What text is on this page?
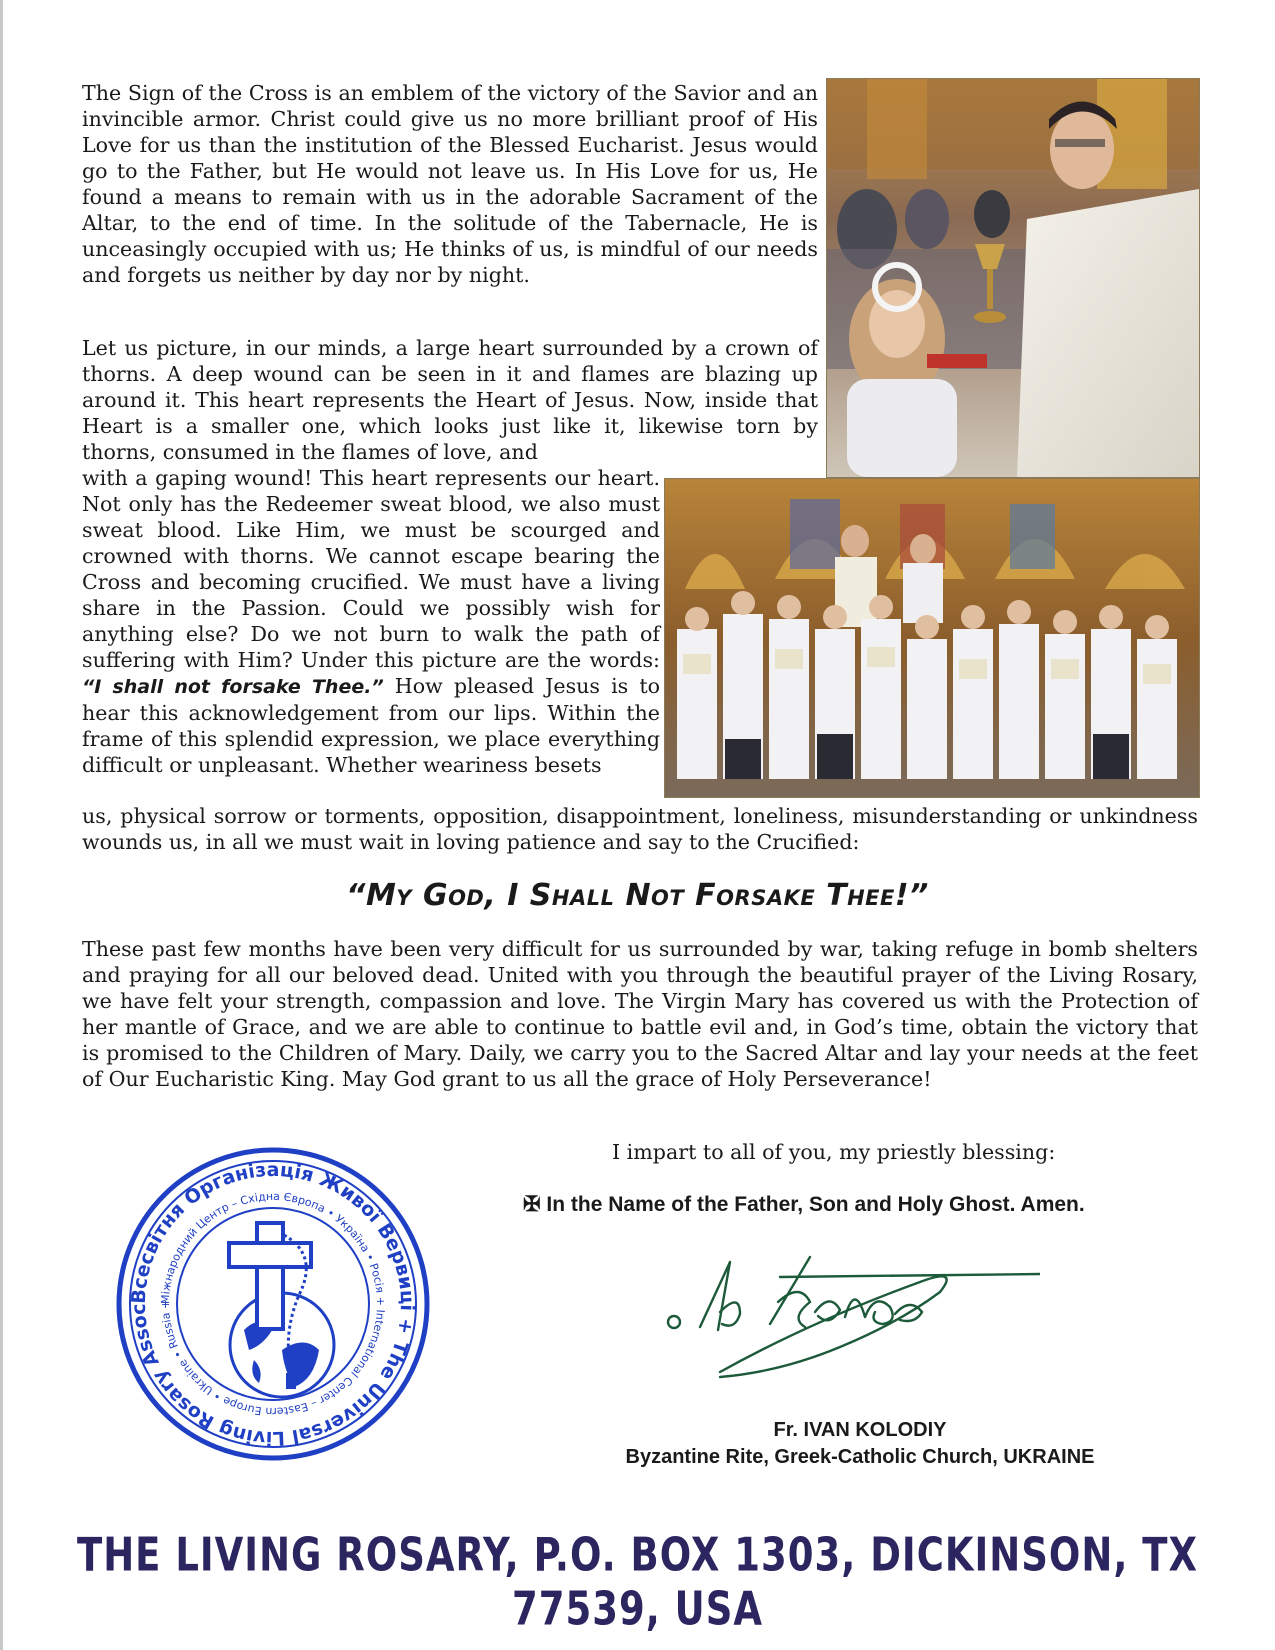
The Sign of the Cross is an emblem of the victory of the Savior and an invincible armor. Christ could give us no more brilliant proof of His Love for us than the institution of the Blessed Eucharist. Jesus would go to the Father, but He would not leave us. In His Love for us, He found a means to remain with us in the adorable Sacrament of the Altar, to the end of time. In the solitude of the Tabernacle, He is unceasingly occupied with us; He thinks of us, is mindful of our needs and forgets us neither by day nor by night.

Let us picture, in our minds, a large heart surrounded by a crown of thorns. A deep wound can be seen in it and flames are blazing up around it. This heart represents the Heart of Jesus. Now, inside that Heart is a smaller one, which looks just like it, likewise torn by thorns, consumed in the flames of love, and

with a gaping wound! This heart represents our heart. Not only has the Redeemer sweat blood, we also must sweat blood. Like Him, we must be scourged and crowned with thorns. We cannot escape bearing the Cross and becoming crucified. We must have a living share in the Passion. Could we possibly wish for anything else? Do we not burn to walk the path of suffering with Him? Under this picture are the words: “I shall not forsake Thee.” How pleased Jesus is to hear this acknowledgement from our lips. Within the frame of this splendid expression, we place everything difficult or unpleasant. Whether weariness besets

us, physical sorrow or torments, opposition, disappointment, loneliness, misunderstanding or unkindness wounds us, in all we must wait in loving patience and say to the Crucified:

“My God, I Shall Not Forsake Thee!”

These past few months have been very difficult for us surrounded by war, taking refuge in bomb shelters and praying for all our beloved dead. United with you through the beautiful prayer of the Living Rosary, we have felt your strength, compassion and love. The Virgin Mary has covered us with the Protection of her mantle of Grace, and we are able to continue to battle evil and, in God’s time, obtain the victory that is promised to the Children of Mary. Daily, we carry you to the Sacred Altar and lay your needs at the feet of Our Eucharistic King. May God grant to us all the grace of Holy Perseverance!

I impart to all of you, my priestly blessing:
✠ In the Name of the Father, Son and Holy Ghost. Amen.
Всесвітня Організація Живої Вервиці + The Universal Living Rosary Assoc
Міжнародний Центр – Східна Європа • Україна • Росія + International Center – Eastern Europe • Ukraine • Russia +
Fr. IVAN KOLODIY
Byzantine Rite, Greek-Catholic Church, UKRAINE
THE LIVING ROSARY, P.O. BOX 1303, DICKINSON, TX 77539, USA
